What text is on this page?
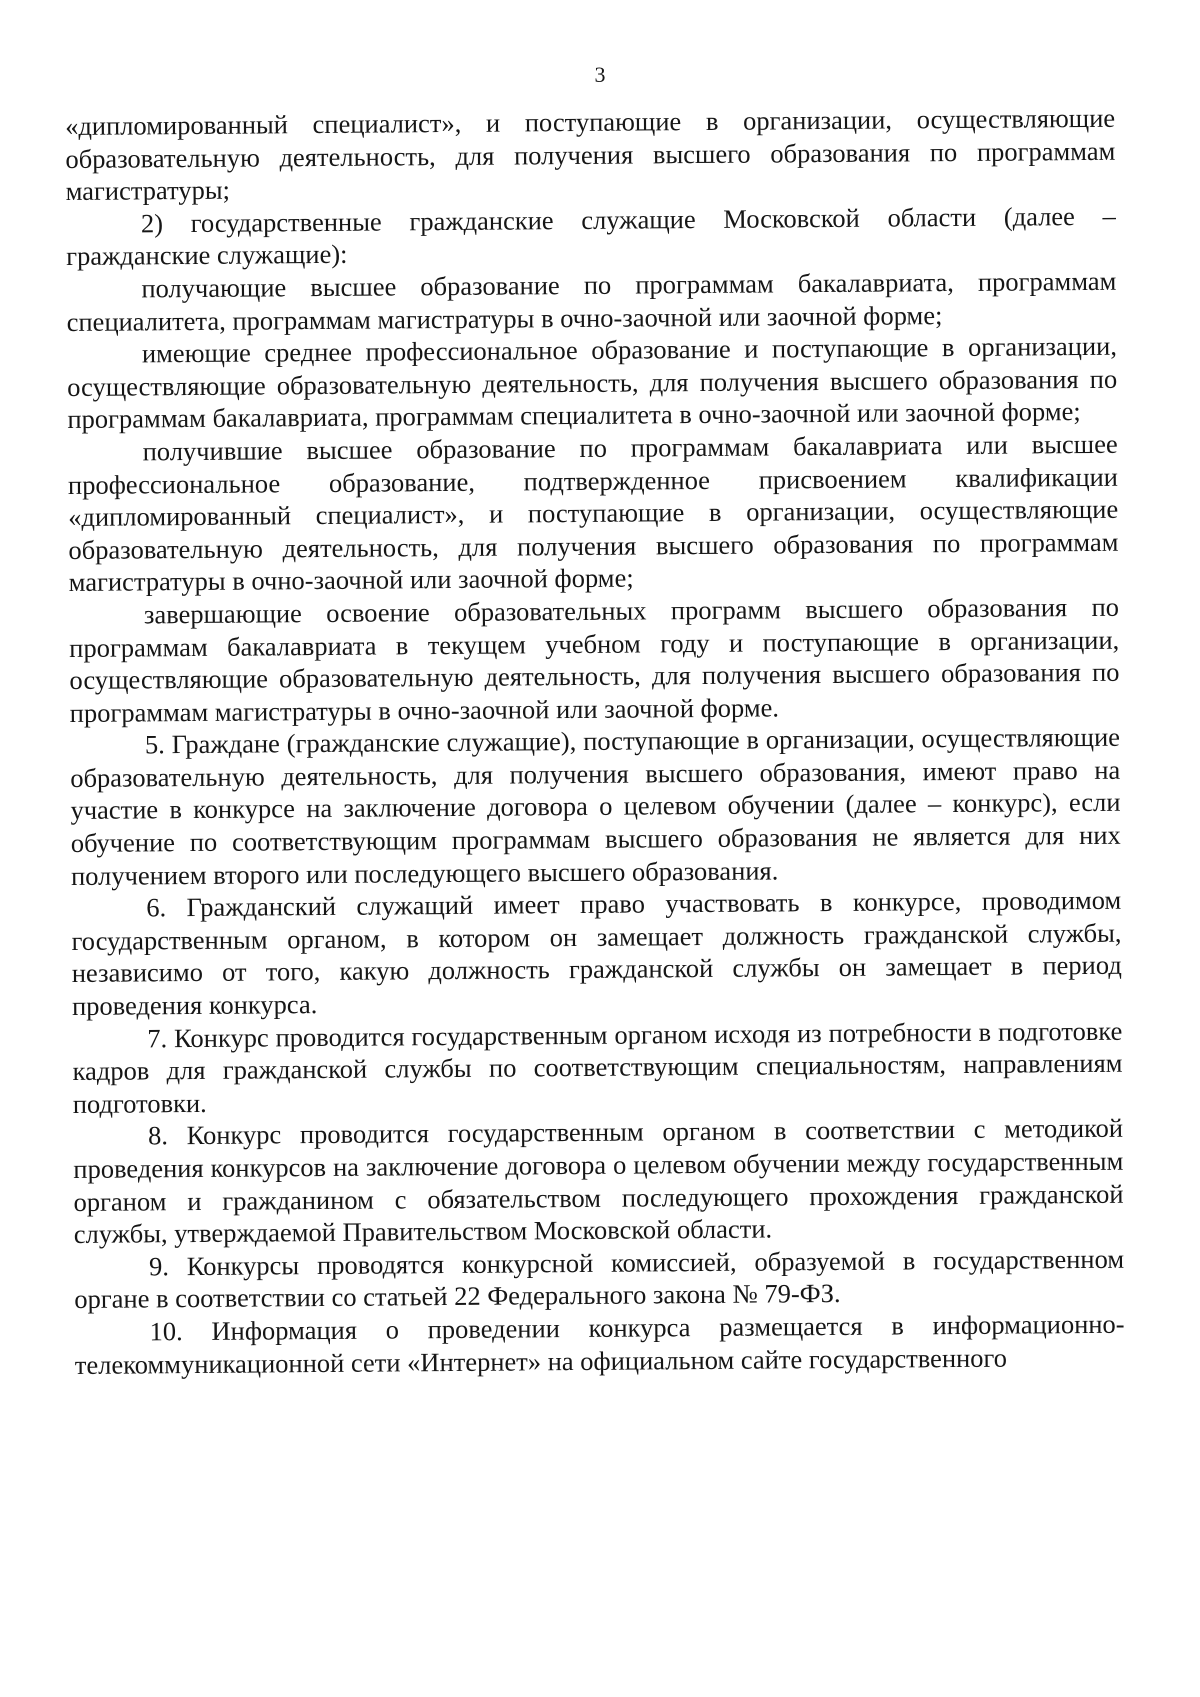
3

«дипломированный специалист», и поступающие в организации, осуществляющие образовательную деятельность, для получения высшего образования по программам магистратуры;

2) государственные гражданские служащие Московской области (далее – гражданские служащие):

получающие высшее образование по программам бакалавриата, программам специалитета, программам магистратуры в очно-заочной или заочной форме;

имеющие среднее профессиональное образование и поступающие в организации, осуществляющие образовательную деятельность, для получения высшего образования по программам бакалавриата, программам специалитета в очно-заочной или заочной форме;

получившие высшее образование по программам бакалавриата или высшее профессиональное образование, подтвержденное присвоением квалификации «дипломированный специалист», и поступающие в организации, осуществляющие образовательную деятельность, для получения высшего образования по программам магистратуры в очно-заочной или заочной форме;

завершающие освоение образовательных программ высшего образования по программам бакалавриата в текущем учебном году и поступающие в организации, осуществляющие образовательную деятельность, для получения высшего образования по программам магистратуры в очно-заочной или заочной форме.

5. Граждане (гражданские служащие), поступающие в организации, осуществляющие образовательную деятельность, для получения высшего образования, имеют право на участие в конкурсе на заключение договора о целевом обучении (далее – конкурс), если обучение по соответствующим программам высшего образования не является для них получением второго или последующего высшего образования.

6. Гражданский служащий имеет право участвовать в конкурсе, проводимом государственным органом, в котором он замещает должность гражданской службы, независимо от того, какую должность гражданской службы он замещает в период проведения конкурса.

7. Конкурс проводится государственным органом исходя из потребности в подготовке кадров для гражданской службы по соответствующим специальностям, направлениям подготовки.

8. Конкурс проводится государственным органом в соответствии с методикой проведения конкурсов на заключение договора о целевом обучении между государственным органом и гражданином с обязательством последующего прохождения гражданской службы, утверждаемой Правительством Московской области.

9. Конкурсы проводятся конкурсной комиссией, образуемой в государственном органе в соответствии со статьей 22 Федерального закона № 79-ФЗ.

10. Информация о проведении конкурса размещается в информационно-телекоммуникационной сети «Интернет» на официальном сайте государственного
